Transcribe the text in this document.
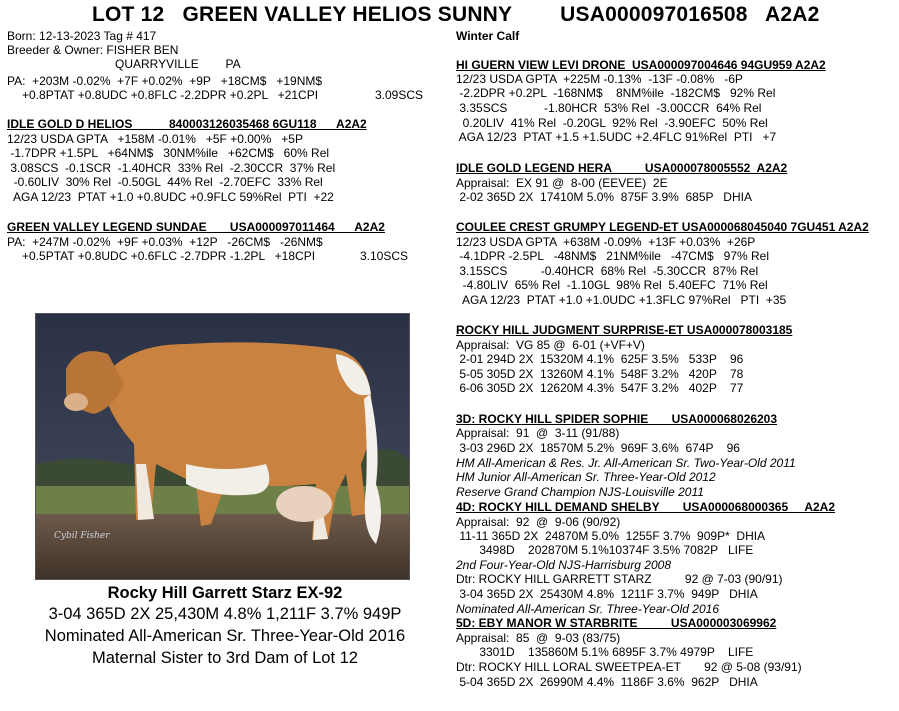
LOT 12   GREEN VALLEY HELIOS SUNNY        USA000097016508   A2A2
Born: 12-13-2023 Tag # 417
Breeder & Owner: FISHER BEN
QUARRYVILLE        PA
PA:  +203M -0.02%  +7F +0.02%  +9P   +18CM$   +19NM$
+0.8PTAT +0.8UDC +0.8FLC -2.2DPR +0.2PL   +21CPI	3.09SCS
IDLE GOLD D HELIOS           840003126035468 6GU118      A2A2
12/23 USDA GPTA   +158M -0.01%   +5F +0.00%   +5P
-1.7DPR +1.5PL   +64NM$   30NM%ile   +62CM$   60% Rel
3.08SCS  -0.1SCR  -1.40HCR  33% Rel  -2.30CCR  37% Rel
-0.60LIV  30% Rel  -0.50GL  44% Rel  -2.70EFC  33% Rel
AGA 12/23  PTAT +1.0 +0.8UDC +0.9FLC 59%Rel  PTI  +22
GREEN VALLEY LEGEND SUNDAE       USA000097011464      A2A2
PA:  +247M -0.02%  +9F +0.03%  +12P   -26CM$   -26NM$
+0.5PTAT +0.8UDC +0.6FLC -2.7DPR -1.2PL   +18CPI	3.10SCS
Cybil Fisher
Rocky Hill Garrett Starz EX-92
3-04 365D 2X 25,430M 4.8% 1,211F 3.7% 949P
Nominated All-American Sr. Three-Year-Old 2016
Maternal Sister to 3rd Dam of Lot 12
Winter Calf
HI GUERN VIEW LEVI DRONE  USA000097004646 94GU959 A2A2
12/23 USDA GPTA  +225M -0.13%  -13F -0.08%   -6P
-2.2DPR +0.2PL  -168NM$    8NM%ile  -182CM$   92% Rel
3.35SCS           -1.80HCR  53% Rel  -3.00CCR  64% Rel
0.20LIV  41% Rel  -0.20GL  92% Rel  -3.90EFC  50% Rel
AGA 12/23  PTAT +1.5 +1.5UDC +2.4FLC 91%Rel  PTI   +7
IDLE GOLD LEGEND HERA          USA000078005552  A2A2
Appraisal:  EX 91 @  8-00 (EEVEE)  2E
2-02 365D 2X  17410M 5.0%  875F 3.9%  685P   DHIA
COULEE CREST GRUMPY LEGEND-ET USA000068045040 7GU451 A2A2
12/23 USDA GPTA  +638M -0.09%  +13F +0.03%  +26P
-4.1DPR -2.5PL   -48NM$   21NM%ile   -47CM$   97% Rel
3.15SCS          -0.40HCR  68% Rel  -5.30CCR  87% Rel
-4.80LIV  65% Rel  -1.10GL  98% Rel  5.40EFC  71% Rel
AGA 12/23  PTAT +1.0 +1.0UDC +1.3FLC 97%Rel   PTI  +35
ROCKY HILL JUDGMENT SURPRISE-ET USA000078003185
Appraisal:  VG 85 @  6-01 (+VF+V)
2-01 294D 2X  15320M 4.1%  625F 3.5%   533P    96
5-05 305D 2X  13260M 4.1%  548F 3.2%   420P    78
6-06 305D 2X  12620M 4.3%  547F 3.2%   402P    77
3D: ROCKY HILL SPIDER SOPHIE       USA000068026203
Appraisal:  91  @  3-11 (91/88)
3-03 296D 2X  18570M 5.2%  969F 3.6%  674P    96
HM All-American & Res. Jr. All-American Sr. Two-Year-Old 2011
HM Junior All-American Sr. Three-Year-Old 2012
Reserve Grand Champion NJS-Louisville 2011
4D: ROCKY HILL DEMAND SHELBY       USA000068000365     A2A2
Appraisal:  92  @  9-06 (90/92)
11-11 365D 2X  24870M 5.0%  1255F 3.7%  909P*  DHIA
3498D    202870M 5.1%10374F 3.5% 7082P   LIFE
2nd Four-Year-Old NJS-Harrisburg 2008
Dtr: ROCKY HILL GARRETT STARZ          92 @ 7-03 (90/91)
3-04 365D 2X  25430M 4.8%  1211F 3.7%  949P   DHIA
Nominated All-American Sr. Three-Year-Old 2016
5D: EBY MANOR W STARBRITE          USA000003069962
Appraisal:  85  @  9-03 (83/75)
3301D    135860M 5.1% 6895F 3.7% 4979P    LIFE
Dtr: ROCKY HILL LORAL SWEETPEA-ET       92 @ 5-08 (93/91)
5-04 365D 2X  26990M 4.4%  1186F 3.6%  962P   DHIA
